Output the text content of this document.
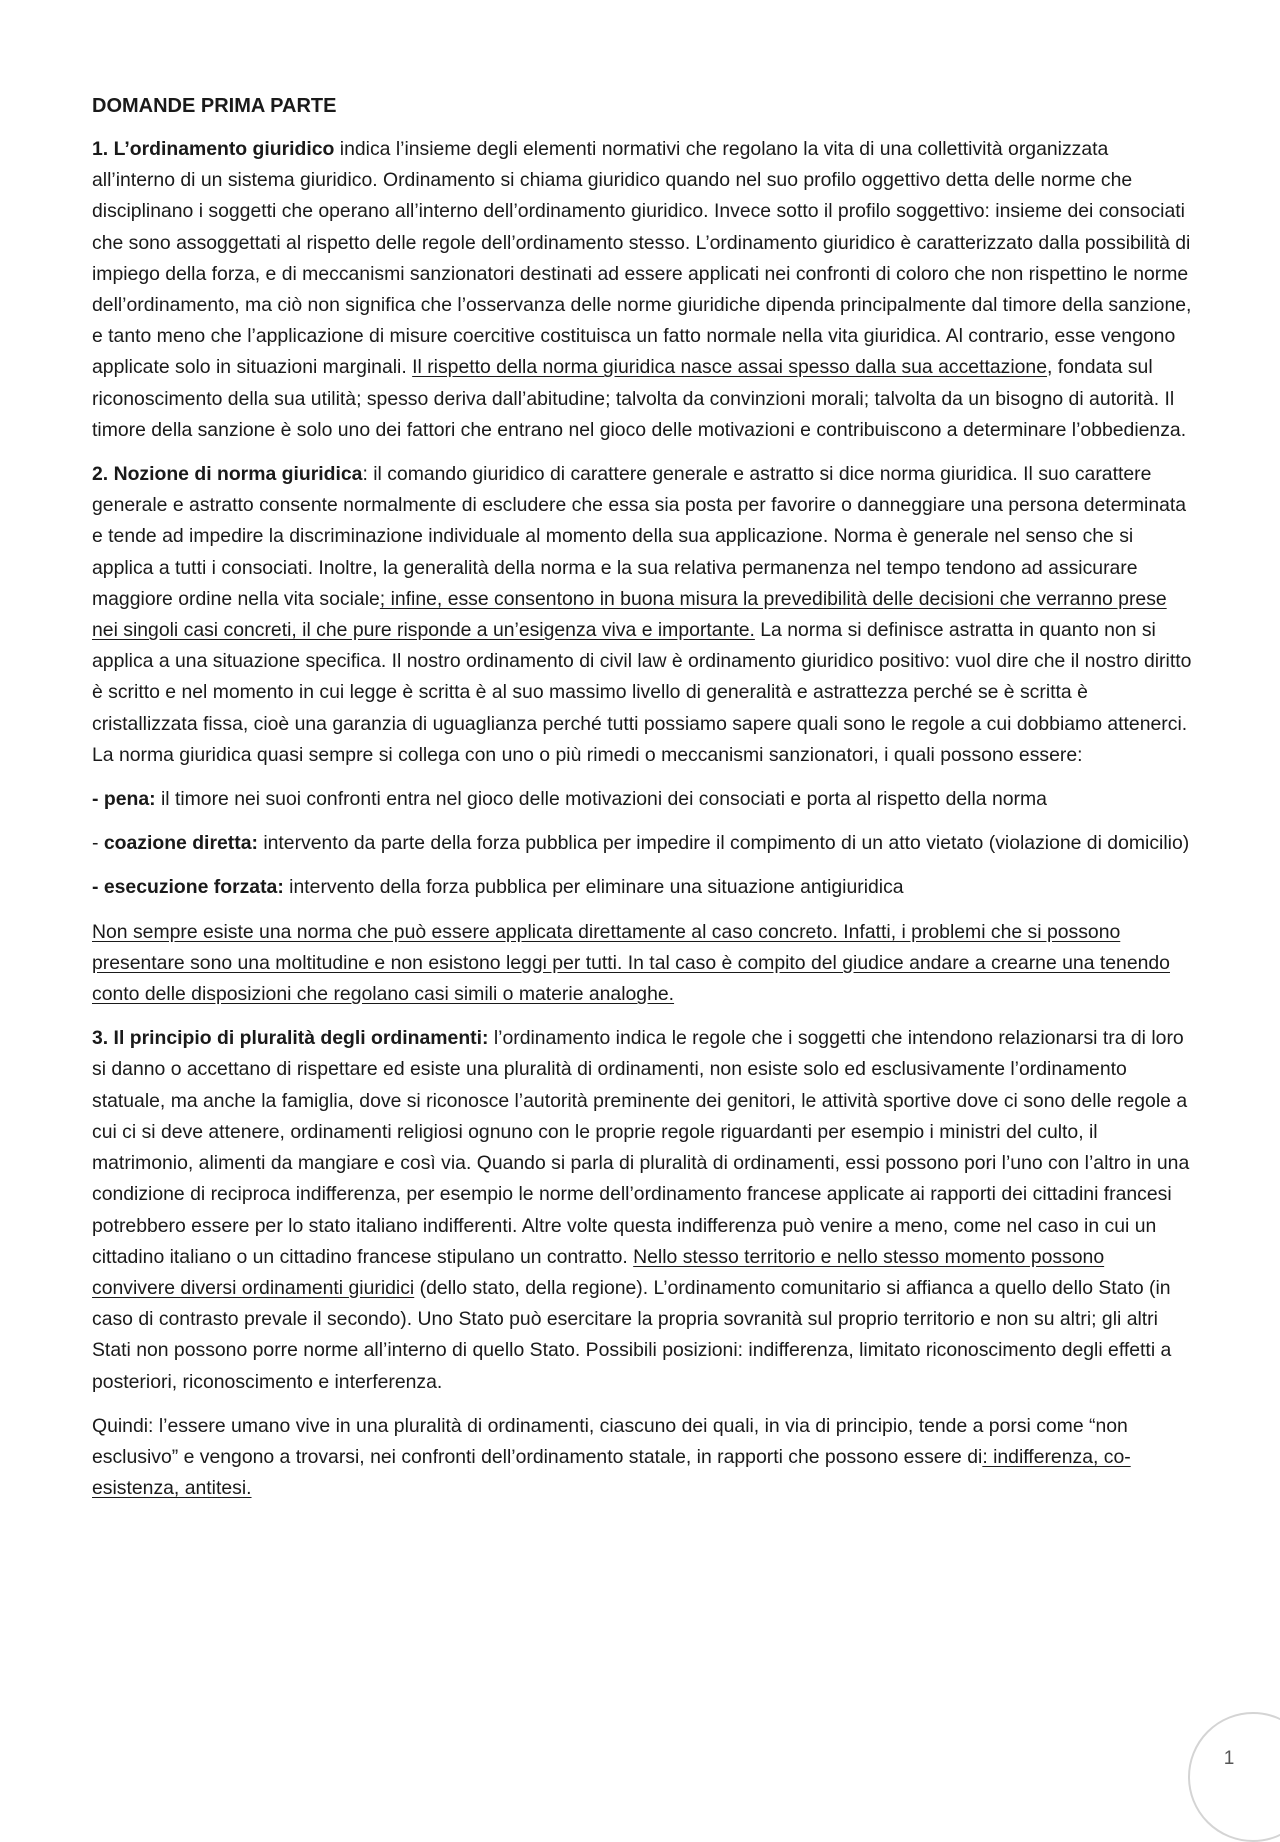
DOMANDE PRIMA PARTE

1. L’ordinamento giuridico indica l’insieme degli elementi normativi che regolano la vita di una collettività organizzata all’interno di un sistema giuridico. Ordinamento si chiama giuridico quando nel suo profilo oggettivo detta delle norme che disciplinano i soggetti che operano all’interno dell’ordinamento giuridico. Invece sotto il profilo soggettivo: insieme dei consociati che sono assoggettati al rispetto delle regole dell’ordinamento stesso. L’ordinamento giuridico è caratterizzato dalla possibilità di impiego della forza, e di meccanismi sanzionatori destinati ad essere applicati nei confronti di coloro che non rispettino le norme dell’ordinamento, ma ciò non significa che l’osservanza delle norme giuridiche dipenda principalmente dal timore della sanzione, e tanto meno che l’applicazione di misure coercitive costituisca un fatto normale nella vita giuridica. Al contrario, esse vengono applicate solo in situazioni marginali. Il rispetto della norma giuridica nasce assai spesso dalla sua accettazione, fondata sul riconoscimento della sua utilità; spesso deriva dall’abitudine; talvolta da convinzioni morali; talvolta da un bisogno di autorità. Il timore della sanzione è solo uno dei fattori che entrano nel gioco delle motivazioni e contribuiscono a determinare l’obbedienza.

2. Nozione di norma giuridica: il comando giuridico di carattere generale e astratto si dice norma giuridica. Il suo carattere generale e astratto consente normalmente di escludere che essa sia posta per favorire o danneggiare una persona determinata e tende ad impedire la discriminazione individuale al momento della sua applicazione. Norma è generale nel senso che si applica a tutti i consociati. Inoltre, la generalità della norma e la sua relativa permanenza nel tempo tendono ad assicurare maggiore ordine nella vita sociale; infine, esse consentono in buona misura la prevedibilità delle decisioni che verranno prese nei singoli casi concreti, il che pure risponde a un’esigenza viva e importante. La norma si definisce astratta in quanto non si applica a una situazione specifica. Il nostro ordinamento di civil law è ordinamento giuridico positivo: vuol dire che il nostro diritto è scritto e nel momento in cui legge è scritta è al suo massimo livello di generalità e astrattezza perché se è scritta è cristallizzata fissa, cioè una garanzia di uguaglianza perché tutti possiamo sapere quali sono le regole a cui dobbiamo attenerci. La norma giuridica quasi sempre si collega con uno o più rimedi o meccanismi sanzionatori, i quali possono essere:

- pena: il timore nei suoi confronti entra nel gioco delle motivazioni dei consociati e porta al rispetto della norma

- coazione diretta: intervento da parte della forza pubblica per impedire il compimento di un atto vietato (violazione di domicilio)

- esecuzione forzata: intervento della forza pubblica per eliminare una situazione antigiuridica

Non sempre esiste una norma che può essere applicata direttamente al caso concreto. Infatti, i problemi che si possono presentare sono una moltitudine e non esistono leggi per tutti. In tal caso è compito del giudice andare a crearne una tenendo conto delle disposizioni che regolano casi simili o materie analoghe.

3. Il principio di pluralità degli ordinamenti: l’ordinamento indica le regole che i soggetti che intendono relazionarsi tra di loro si danno o accettano di rispettare ed esiste una pluralità di ordinamenti, non esiste solo ed esclusivamente l’ordinamento statuale, ma anche la famiglia, dove si riconosce l’autorità preminente dei genitori, le attività sportive dove ci sono delle regole a cui ci si deve attenere, ordinamenti religiosi ognuno con le proprie regole riguardanti per esempio i ministri del culto, il matrimonio, alimenti da mangiare e così via. Quando si parla di pluralità di ordinamenti, essi possono pori l’uno con l’altro in una condizione di reciproca indifferenza, per esempio le norme dell’ordinamento francese applicate ai rapporti dei cittadini francesi potrebbero essere per lo stato italiano indifferenti. Altre volte questa indifferenza può venire a meno, come nel caso in cui un cittadino italiano o un cittadino francese stipulano un contratto. Nello stesso territorio e nello stesso momento possono convivere diversi ordinamenti giuridici (dello stato, della regione). L’ordinamento comunitario si affianca a quello dello Stato (in caso di contrasto prevale il secondo). Uno Stato può esercitare la propria sovranità sul proprio territorio e non su altri; gli altri Stati non possono porre norme all’interno di quello Stato. Possibili posizioni: indifferenza, limitato riconoscimento degli effetti a posteriori, riconoscimento e interferenza.

Quindi: l’essere umano vive in una pluralità di ordinamenti, ciascuno dei quali, in via di principio, tende a porsi come “non esclusivo” e vengono a trovarsi, nei confronti dell’ordinamento statale, in rapporti che possono essere di: indifferenza, co-esistenza, antitesi.

1
